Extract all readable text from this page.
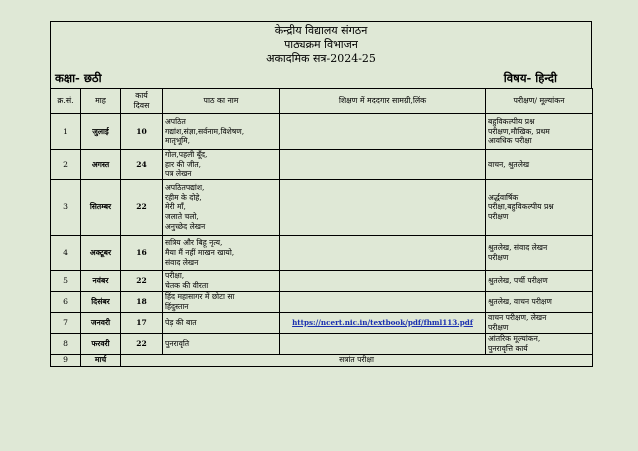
केन्द्रीय विद्यालय संगठन
पाठ्यक्रम विभाजन
अकादमिक सत्र-2024-25
कक्षा- छठी	विषय- हिन्दी
क्र.सं.	माह	कार्य
दिवस	पाठ का नाम	शिक्षण में मददगार सामग्री,लिंक	परीक्षण/ मूल्यांकन

1	जुलाई	10	अपठित
गद्यांश,संज्ञा,सर्वनाम,विशेषण,
मातृभूमि,		बहुविकल्पीय प्रश्न
परीक्षण,मौखिक, प्रथम
आवधिक परीक्षा

2	अगस्त	24	गोल,पहली बूँद,
हार की जीत,
पत्र लेखन		वाचन, श्रुतलेख

3	सितम्बर	22	अपठितपद्यांश,
रहीम के दोहे,
मेरी माँ,
जलाते चलो,
अनुच्छेद लेखन		अर्द्धवार्षिक
परीक्षा,बहुविकल्पीय प्रश्न
परीक्षण

4	अक्टूबर	16	सत्रिय और बिहू नृत्य,
मैया मैं नहीं माखन खायो,
संवाद लेखन		श्रुतलेख, संवाद लेखन
परीक्षण

5	नवंबर	22	परीक्षा,
चेतक की वीरता		श्रुतलेख, पर्ची परीक्षण

6	दिसंबर	18	हिंद महासागर में छोटा सा
हिंदुस्तान		श्रुतलेख, वाचन परीक्षण

7	जनवरी	17	पेड़ की बात	https://ncert.nic.in/textbook/pdf/fhml113.pdf	वाचन परीक्षण, लेखन
परीक्षण

8	फरवरी	22	पुनरावृति		आंतरिक मूल्यांकन,
पुनरावृत्ति कार्य

9	मार्च	सत्रांत परीक्षा			
